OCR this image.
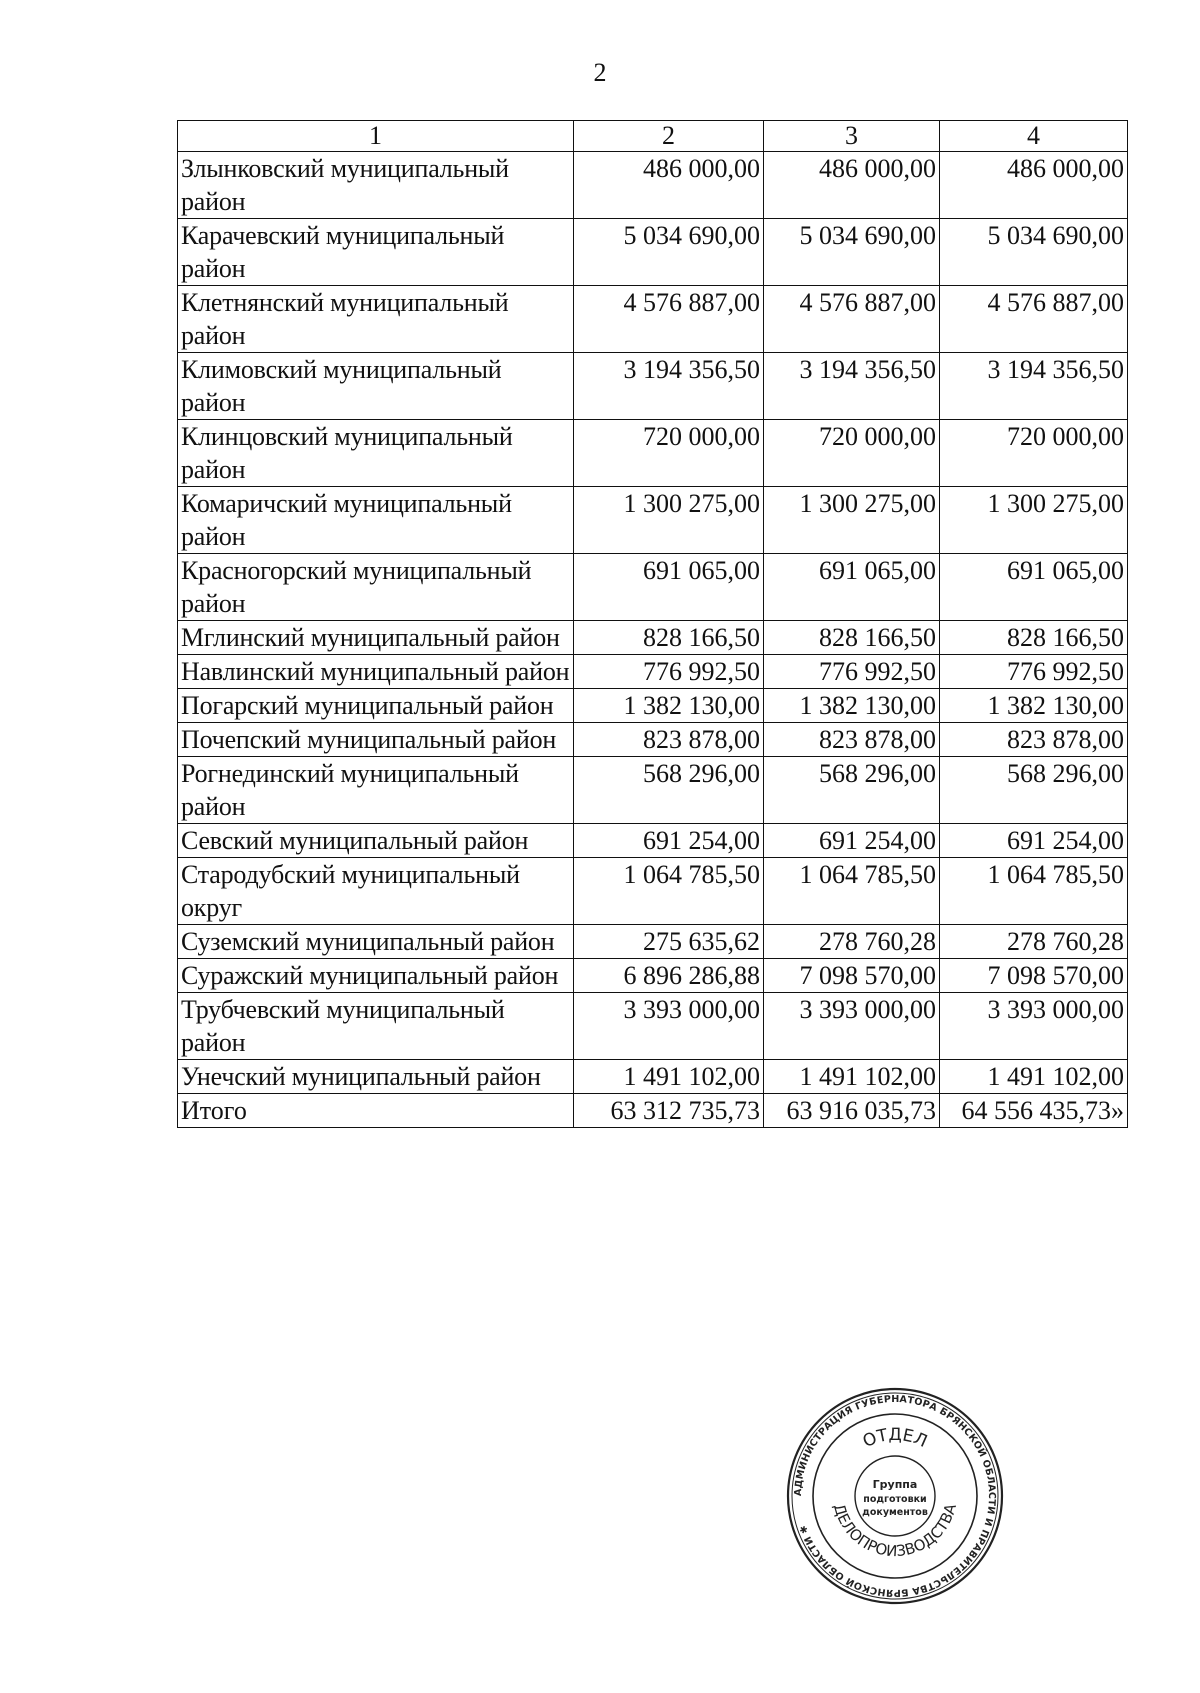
2
1	2	3	4
Злынковский муниципальный район	486 000,00	486 000,00	486 000,00
Карачевский муниципальный район	5 034 690,00	5 034 690,00	5 034 690,00
Клетнянский муниципальный район	4 576 887,00	4 576 887,00	4 576 887,00
Климовский муниципальный район	3 194 356,50	3 194 356,50	3 194 356,50
Клинцовский муниципальный район	720 000,00	720 000,00	720 000,00
Комаричский муниципальный район	1 300 275,00	1 300 275,00	1 300 275,00
Красногорский муниципальный район	691 065,00	691 065,00	691 065,00
Мглинский муниципальный район	828 166,50	828 166,50	828 166,50
Навлинский муниципальный район	776 992,50	776 992,50	776 992,50
Погарский муниципальный район	1 382 130,00	1 382 130,00	1 382 130,00
Почепский муниципальный район	823 878,00	823 878,00	823 878,00
Рогнединский муниципальный район	568 296,00	568 296,00	568 296,00
Севский муниципальный район	691 254,00	691 254,00	691 254,00
Стародубский муниципальный округ	1 064 785,50	1 064 785,50	1 064 785,50
Суземский муниципальный район	275 635,62	278 760,28	278 760,28
Суражский муниципальный район	6 896 286,88	7 098 570,00	7 098 570,00
Трубчевский муниципальный район	3 393 000,00	3 393 000,00	3 393 000,00
Унечский муниципальный район	1 491 102,00	1 491 102,00	1 491 102,00
Итого	63 312 735,73	63 916 035,73	64 556 435,73»
АДМИНИСТРАЦИЯ ГУБЕРНАТОРА БРЯНСКОЙ ОБЛАСТИ И ПРАВИТЕЛЬСТВА БРЯНСКОЙ ОБЛАСТИ ✱
ОТДЕЛ
ДЕЛОПРОИЗВОДСТВА
Группа
подготовки
документов
